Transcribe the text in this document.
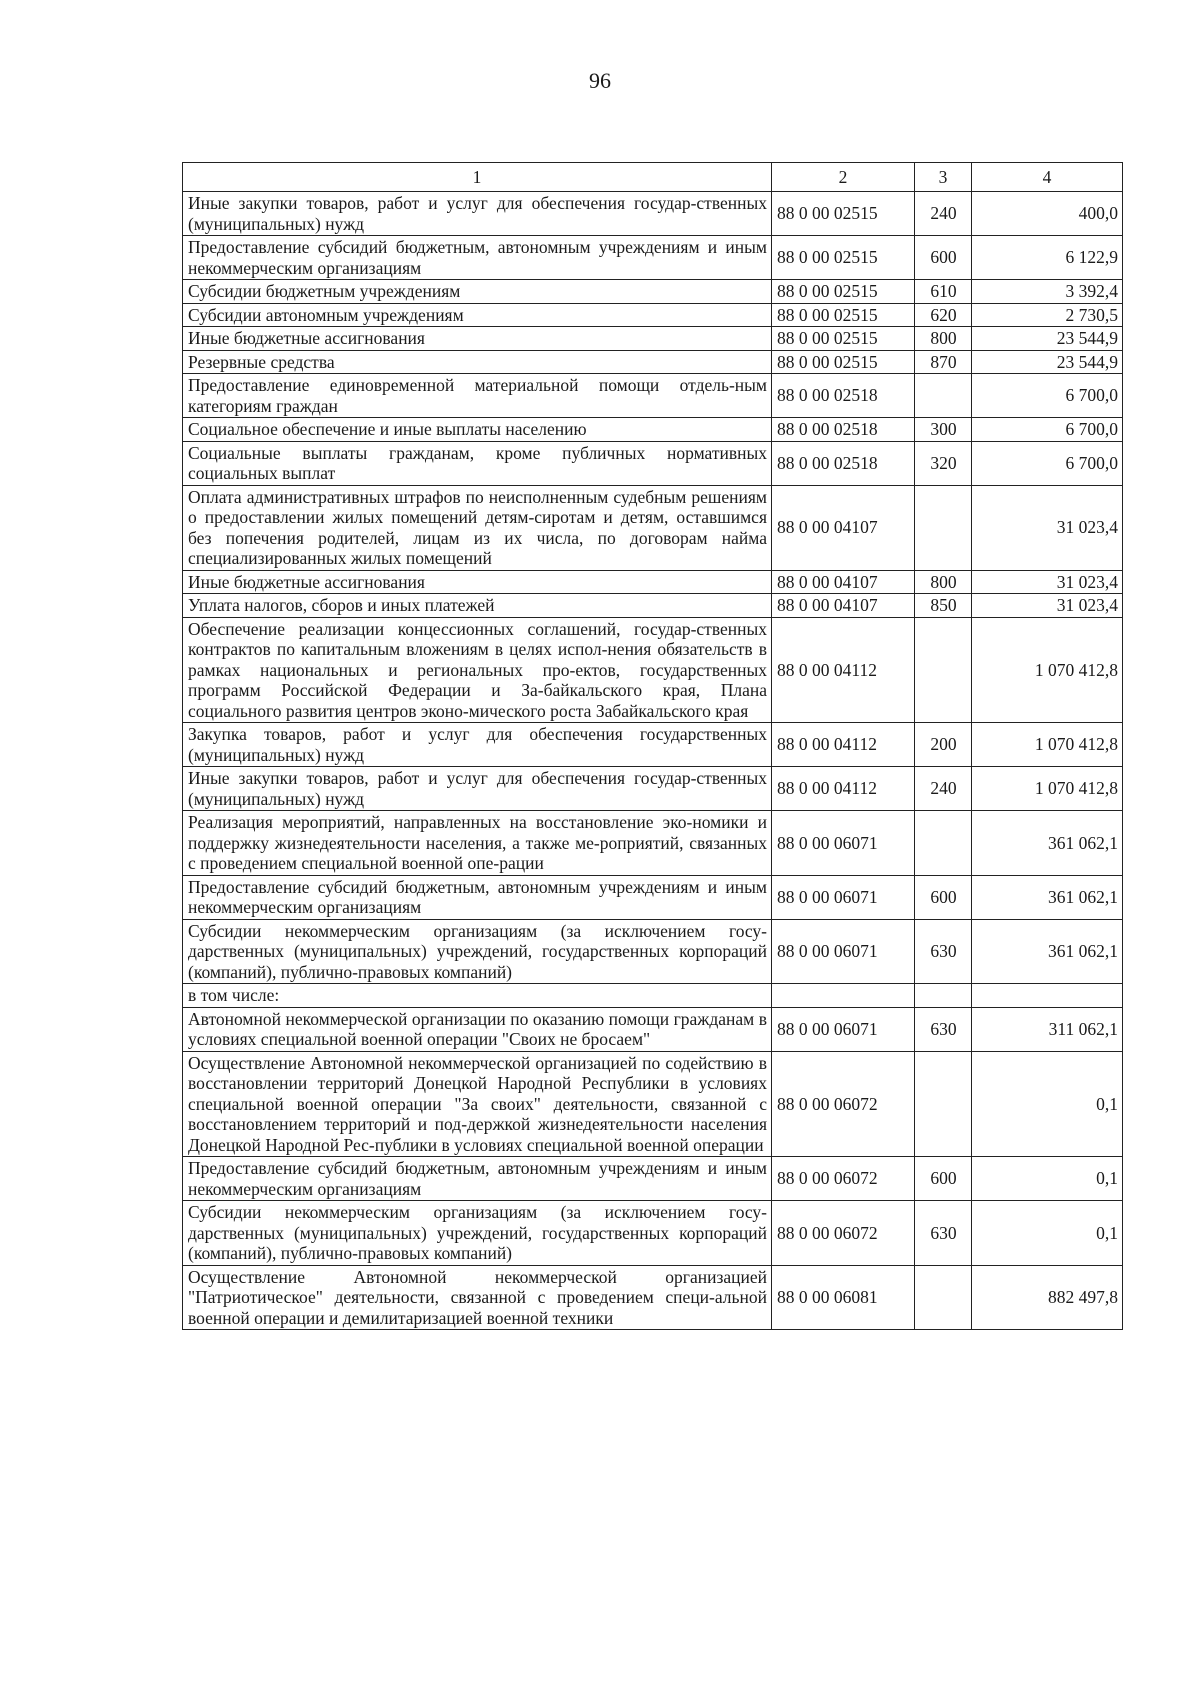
96
1	2	3	4
Иные закупки товаров, работ и услуг для обеспечения государ-ственных (муниципальных) нужд	88 0 00 02515	240	400,0
Предоставление субсидий бюджетным, автономным учреждениям и иным некоммерческим организациям	88 0 00 02515	600	6 122,9
Субсидии бюджетным учреждениям	88 0 00 02515	610	3 392,4
Субсидии автономным учреждениям	88 0 00 02515	620	2 730,5
Иные бюджетные ассигнования	88 0 00 02515	800	23 544,9
Резервные средства	88 0 00 02515	870	23 544,9
Предоставление единовременной материальной помощи отдель-ным категориям граждан	88 0 00 02518		6 700,0
Социальное обеспечение и иные выплаты населению	88 0 00 02518	300	6 700,0
Социальные выплаты гражданам, кроме публичных нормативных социальных выплат	88 0 00 02518	320	6 700,0
Оплата административных штрафов по неисполненным судебным решениям о предоставлении жилых помещений детям-сиротам и детям, оставшимся без попечения родителей, лицам из их числа, по договорам найма специализированных жилых помещений	88 0 00 04107		31 023,4
Иные бюджетные ассигнования	88 0 00 04107	800	31 023,4
Уплата налогов, сборов и иных платежей	88 0 00 04107	850	31 023,4
Обеспечение реализации концессионных соглашений, государ-ственных контрактов по капитальным вложениям в целях испол-нения обязательств в рамках национальных и региональных про-ектов, государственных программ Российской Федерации и За-байкальского края, Плана социального развития центров эконо-мического роста Забайкальского края	88 0 00 04112		1 070 412,8
Закупка товаров, работ и услуг для обеспечения государственных (муниципальных) нужд	88 0 00 04112	200	1 070 412,8
Иные закупки товаров, работ и услуг для обеспечения государ-ственных (муниципальных) нужд	88 0 00 04112	240	1 070 412,8
Реализация мероприятий, направленных на восстановление эко-номики и поддержку жизнедеятельности населения, а также ме-роприятий, связанных с проведением специальной военной опе-рации	88 0 00 06071		361 062,1
Предоставление субсидий бюджетным, автономным учреждениям и иным некоммерческим организациям	88 0 00 06071	600	361 062,1
Субсидии некоммерческим организациям (за исключением госу-дарственных (муниципальных) учреждений, государственных корпораций (компаний), публично-правовых компаний)	88 0 00 06071	630	361 062,1
в том числе:			
Автономной некоммерческой организации по оказанию помощи гражданам в условиях специальной военной операции "Своих не бросаем"	88 0 00 06071	630	311 062,1
Осуществление Автономной некоммерческой организацией по содействию в восстановлении территорий Донецкой Народной Республики в условиях специальной военной операции "За своих" деятельности, связанной с восстановлением территорий и под-держкой жизнедеятельности населения Донецкой Народной Рес-публики в условиях специальной военной операции	88 0 00 06072		0,1
Предоставление субсидий бюджетным, автономным учреждениям и иным некоммерческим организациям	88 0 00 06072	600	0,1
Субсидии некоммерческим организациям (за исключением госу-дарственных (муниципальных) учреждений, государственных корпораций (компаний), публично-правовых компаний)	88 0 00 06072	630	0,1
Осуществление Автономной некоммерческой организацией "Патриотическое" деятельности, связанной с проведением специ-альной военной операции и демилитаризацией военной техники	88 0 00 06081		882 497,8
